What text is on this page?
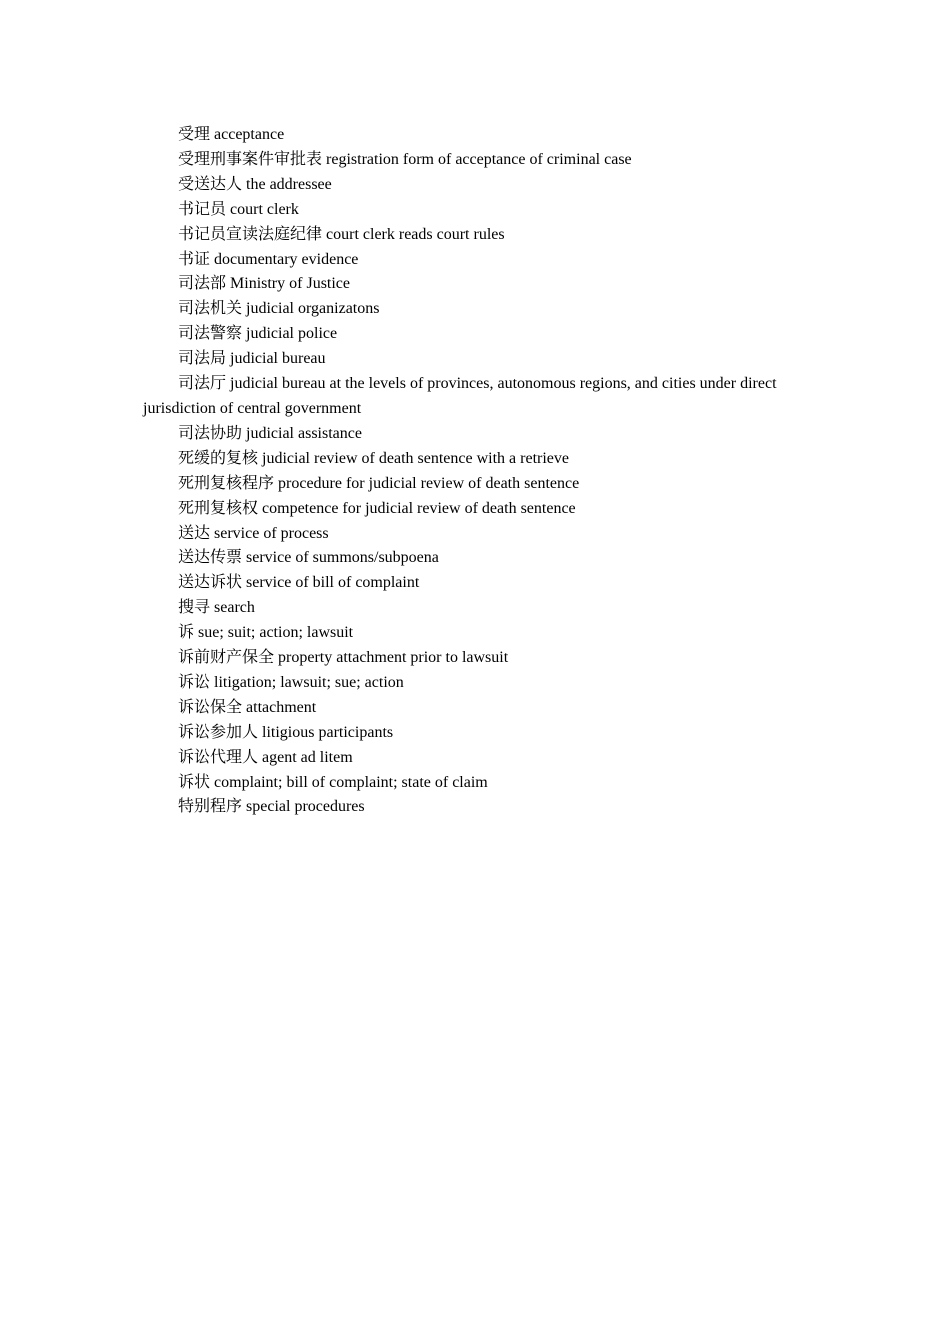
受理 acceptance
受理刑事案件审批表 registration form of acceptance of criminal case
受送达人 the addressee
书记员 court clerk
书记员宣读法庭纪律 court clerk reads court rules
书证 documentary evidence
司法部 Ministry of Justice
司法机关 judicial organizatons
司法警察 judicial police
司法局 judicial bureau
司法厅 judicial bureau at the levels of provinces, autonomous regions, and cities under direct jurisdiction of central government
司法协助 judicial assistance
死缓的复核 judicial review of death sentence with a retrieve
死刑复核程序 procedure for judicial review of death sentence
死刑复核权 competence for judicial review of death sentence
送达 service of process
送达传票 service of summons/subpoena
送达诉状 service of bill of complaint
搜寻 search
诉 sue; suit; action; lawsuit
诉前财产保全 property attachment prior to lawsuit
诉讼 litigation; lawsuit; sue; action
诉讼保全 attachment
诉讼参加人 litigious participants
诉讼代理人 agent ad litem
诉状 complaint; bill of complaint; state of claim
特别程序 special procedures
